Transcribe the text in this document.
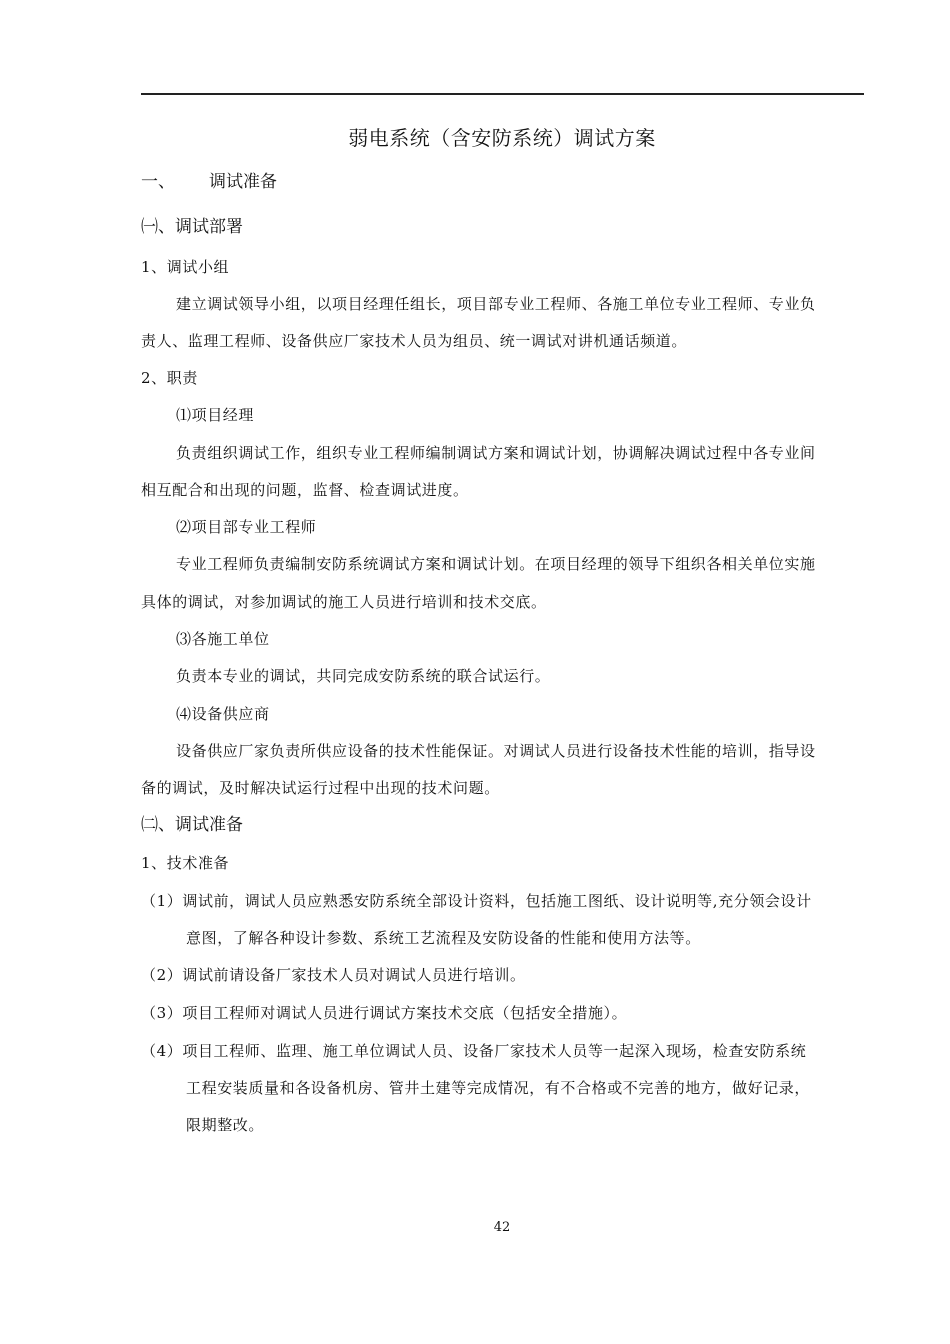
弱电系统（含安防系统）调试方案
一、 调试准备
㈠、调试部署
1、调试小组
建立调试领导小组，以项目经理任组长，项目部专业工程师、各施工单位专业工程师、专业负
责人、监理工程师、设备供应厂家技术人员为组员、统一调试对讲机通话频道。
2、职责
⑴项目经理
负责组织调试工作，组织专业工程师编制调试方案和调试计划，协调解决调试过程中各专业间
相互配合和出现的问题，监督、检查调试进度。
⑵项目部专业工程师
专业工程师负责编制安防系统调试方案和调试计划。在项目经理的领导下组织各相关单位实施
具体的调试，对参加调试的施工人员进行培训和技术交底。
⑶各施工单位
负责本专业的调试，共同完成安防系统的联合试运行。
⑷设备供应商
设备供应厂家负责所供应设备的技术性能保证。对调试人员进行设备技术性能的培训，指导设
备的调试，及时解决试运行过程中出现的技术问题。
㈡、调试准备
1、技术准备
（1）调试前，调试人员应熟悉安防系统全部设计资料，包括施工图纸、设计说明等,充分领会设计
意图，了解各种设计参数、系统工艺流程及安防设备的性能和使用方法等。
（2）调试前请设备厂家技术人员对调试人员进行培训。
（3）项目工程师对调试人员进行调试方案技术交底（包括安全措施）。
（4）项目工程师、监理、施工单位调试人员、设备厂家技术人员等一起深入现场，检查安防系统
工程安装质量和各设备机房、管井土建等完成情况，有不合格或不完善的地方，做好记录，
限期整改。
42
